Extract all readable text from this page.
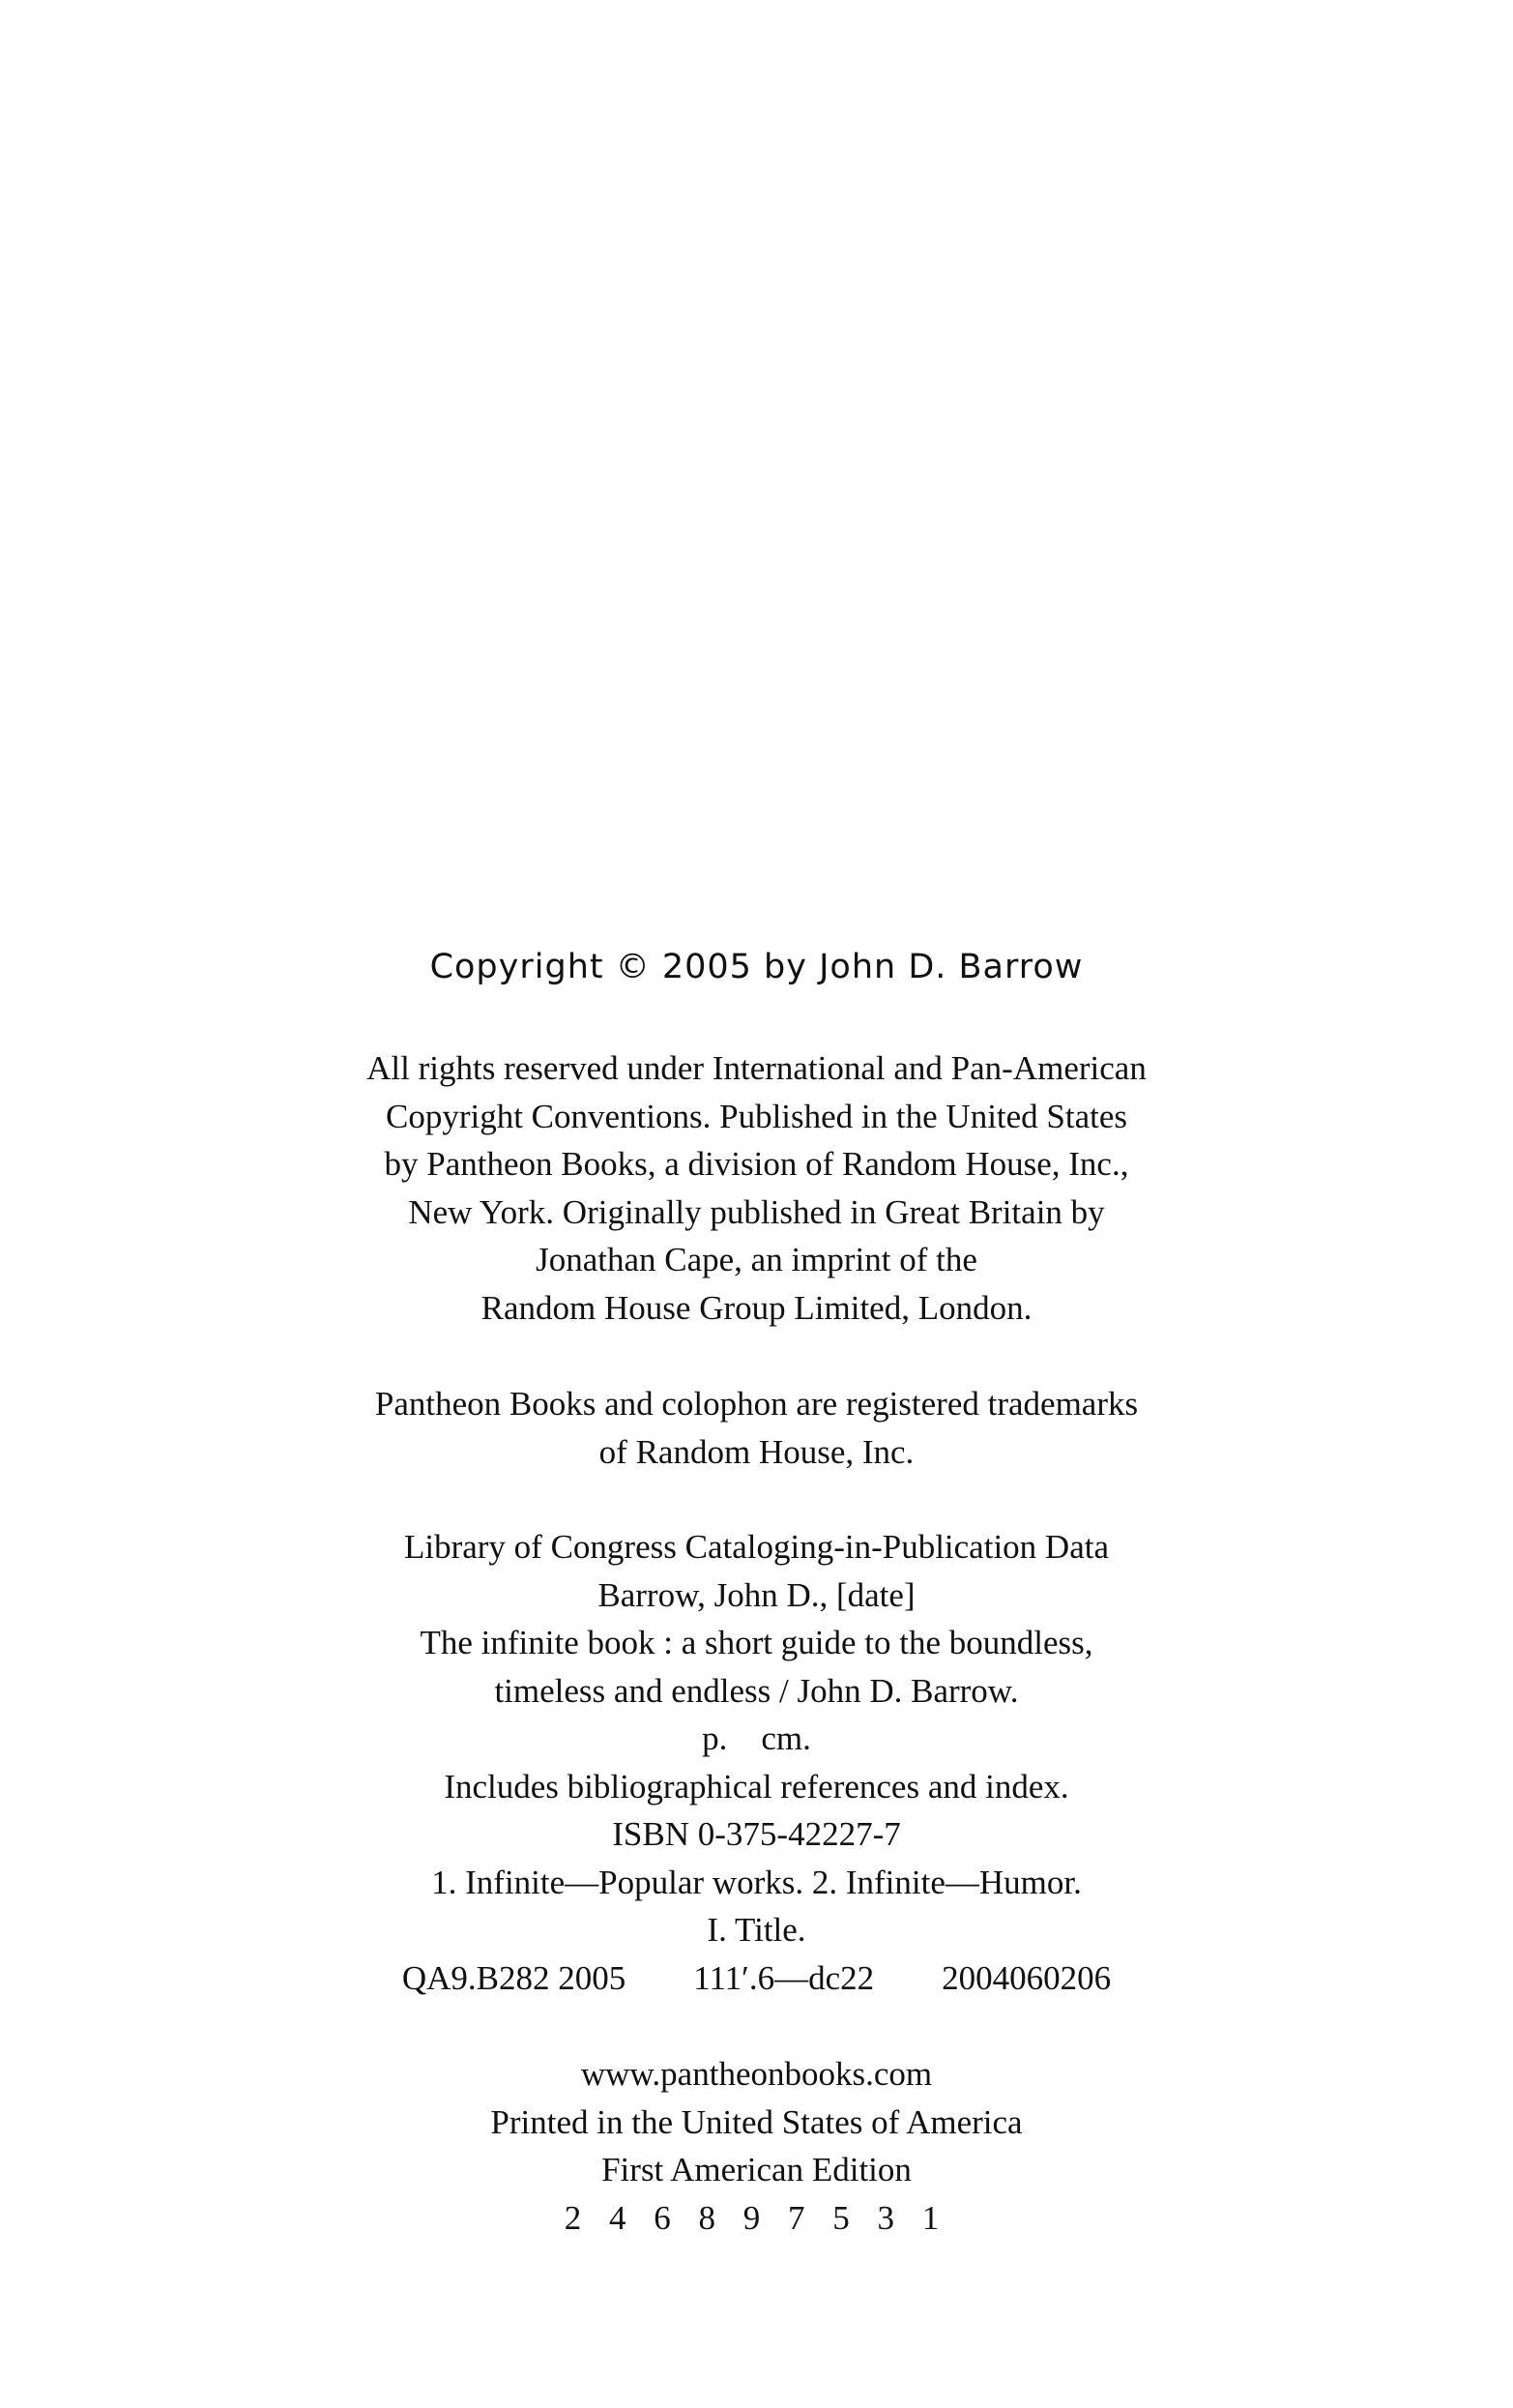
Copyright © 2005 by John D. Barrow
All rights reserved under International and Pan-American
Copyright Conventions. Published in the United States
by Pantheon Books, a division of Random House, Inc.,
New York. Originally published in Great Britain by
Jonathan Cape, an imprint of the
Random House Group Limited, London.
Pantheon Books and colophon are registered trademarks
of Random House, Inc.
Library of Congress Cataloging-in-Publication Data
Barrow, John D., [date]
The infinite book : a short guide to the boundless,
timeless and endless / John D. Barrow.
p.    cm.
Includes bibliographical references and index.
ISBN 0-375-42227-7
1. Infinite—Popular works. 2. Infinite—Humor.
I. Title.
QA9.B282 2005 111′.6—dc22 2004060206
www.pantheonbooks.com
Printed in the United States of America
First American Edition
2 4 6 8 9 7 5 3 1
